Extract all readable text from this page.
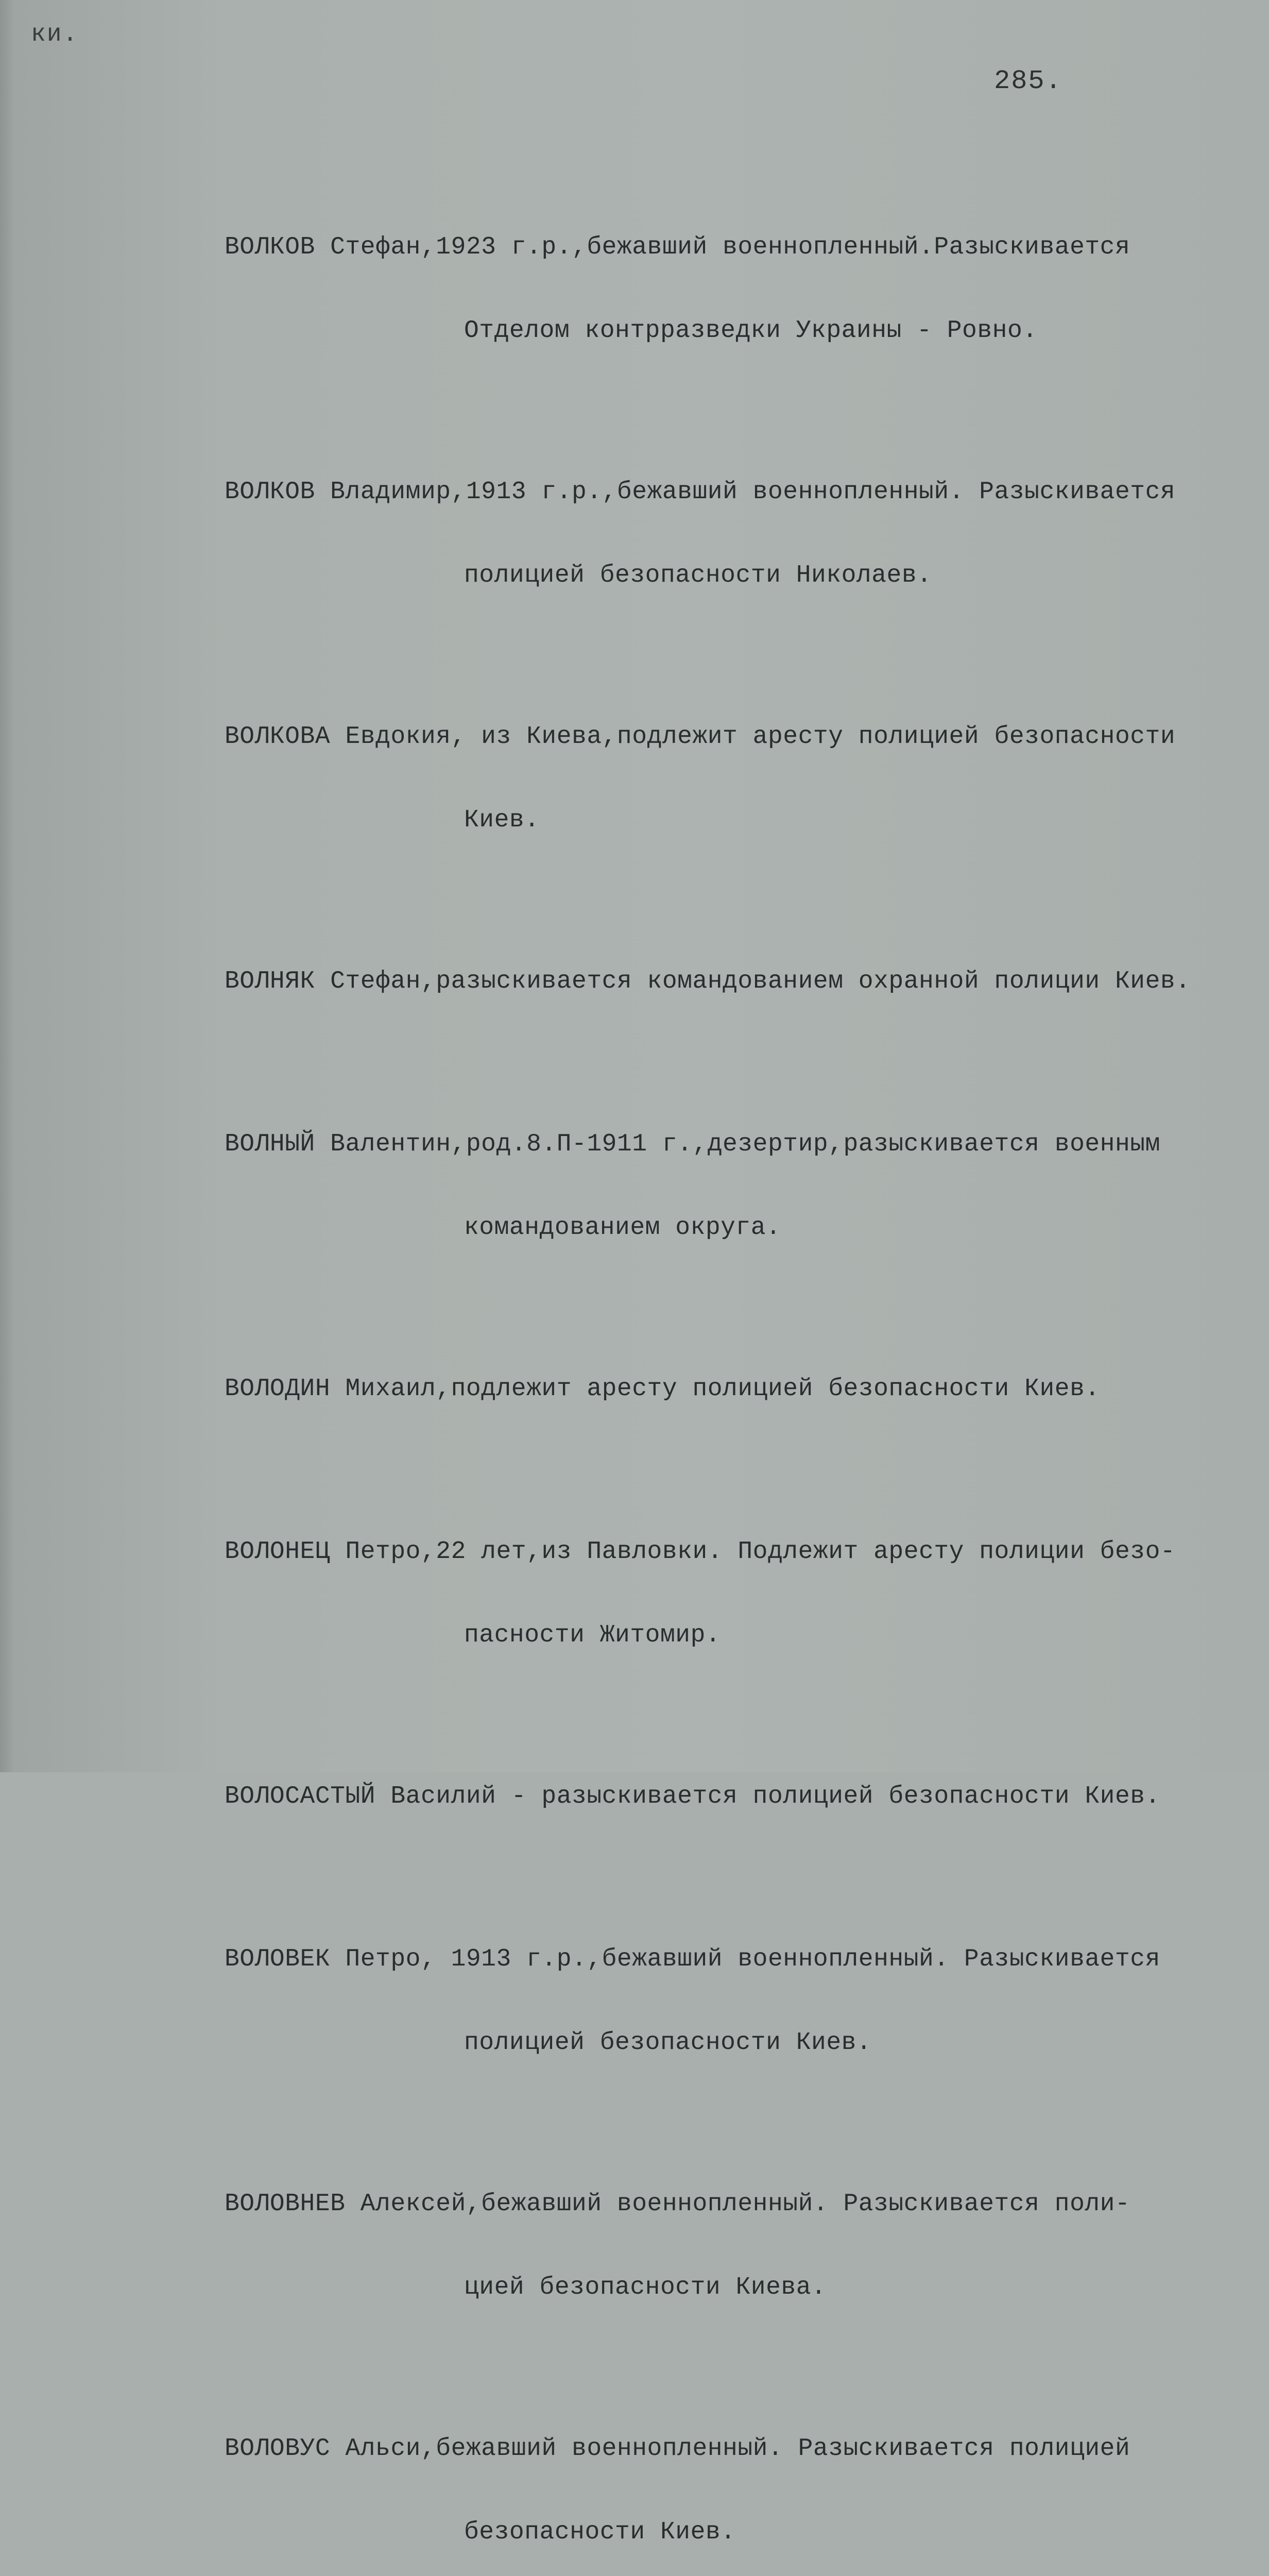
ки.
285.

ВОЛКОВ Стефан,1923 г.р.,бежавший военнопленный.Разыскивается

Отделом контрразведки Украины - Ровно.

ВОЛКОВ Владимир,1913 г.р.,бежавший военнопленный. Разыскивается

полицией безопасности Николаев.

ВОЛКОВА Евдокия, из Киева,подлежит аресту полицией безопасности

Киев.

ВОЛНЯК Стефан,разыскивается командованием охранной полиции Киев.

ВОЛНЫЙ Валентин,род.8.П-1911 г.,дезертир,разыскивается военным

командованием округа.

ВОЛОДИН Михаил,подлежит аресту полицией безопасности Киев.

ВОЛОНЕЦ Петро,22 лет,из Павловки. Подлежит аресту полиции безо-

пасности Житомир.

ВОЛОСАСТЫЙ Василий - разыскивается полицией безопасности Киев.

ВОЛОВЕК Петро, 1913 г.р.,бежавший военнопленный. Разыскивается

полицией безопасности Киев.

ВОЛОВНЕВ Алексей,бежавший военнопленный. Разыскивается поли-

цией безопасности Киева.

ВОЛОВУС Альси,бежавший военнопленный. Разыскивается полицией

безопасности Киев.
